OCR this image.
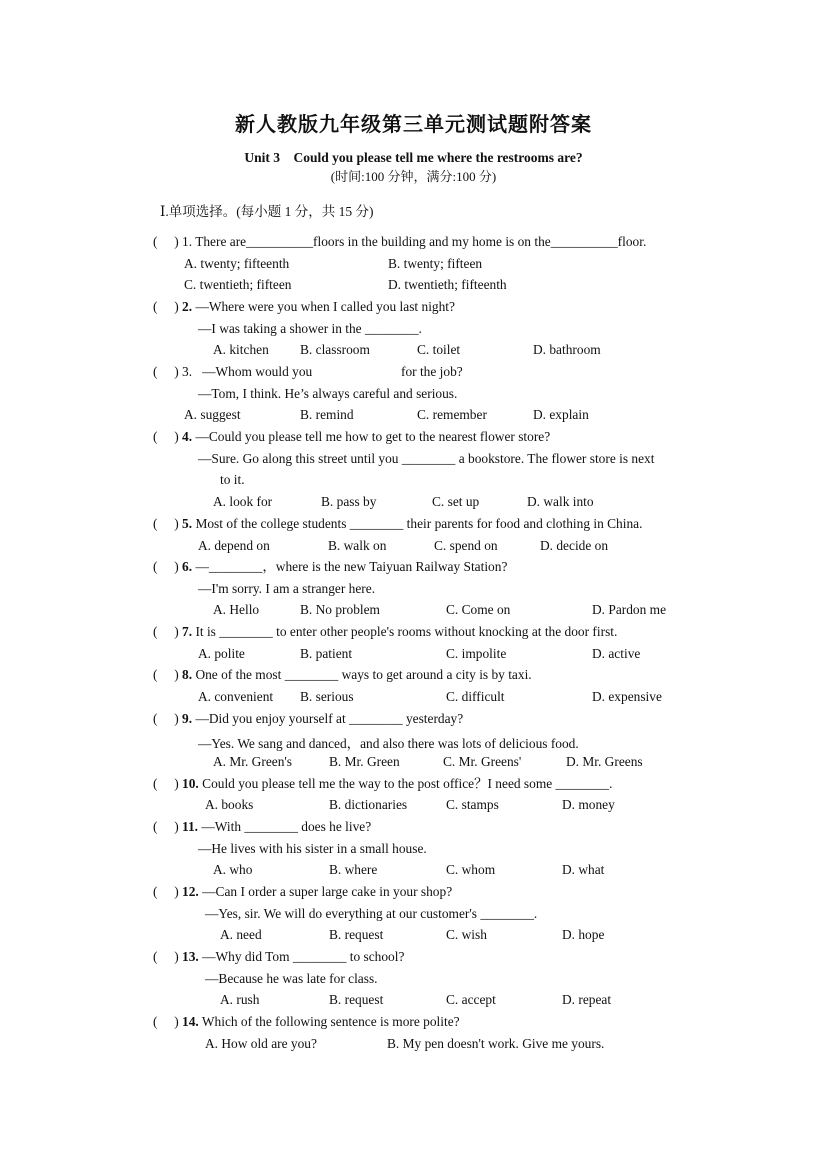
新人教版九年级第三单元测试题附答案
Unit 3　Could you please tell me where the restrooms are?
(时间:100 分钟，满分:100 分)
Ⅰ.单项选择。(每小题 1 分，共 15 分)
(　 ) 1. There are__________floors in the building and my home is on the__________floor.
A. twenty; fifteenth	B. twenty; fifteen
C. twentieth; fifteen	D. twentieth; fifteenth
(　 ) 2. —Where were you when I called you last night?
—I was taking a shower in the ________.
A. kitchen B. classroom	C. toilet	D. bathroom
(　 ) 3. —Whom would you	for the job?
—Tom, I think. He’s always careful and serious.
A. suggest	B. remind	C. remember	D. explain
(　 ) 4. —Could you please tell me how to get to the nearest flower store?
—Sure. Go along this street until you ________ a bookstore. The flower store is next
to it.
A. look for	B. pass by	C. set up	D. walk into
(　 ) 5. Most of the college students ________ their parents for food and clothing in China.
A. depend on	B. walk on	C. spend on	D. decide on
(　 ) 6. —________，where is the new Taiyuan Railway Station?
—I'm sorry. I am a stranger here.
A. Hello	B. No problem	C. Come on	D. Pardon me
(　 ) 7. It is ________ to enter other people's rooms without knocking at the door first.
A. polite	B. patient	C. impolite	D. active
(　 ) 8. One of the most ________ ways to get around a city is by taxi.
A. convenient B. serious	C. difficult	D. expensive
(　 ) 9. —Did you enjoy yourself at ________ yesterday?
—Yes. We sang and danced，and also there was lots of delicious food.
A. Mr. Green's	B. Mr. Green	C. Mr. Greens'	D. Mr. Greens
(　 ) 10. Could you please tell me the way to the post office？I need some ________.
A. books	B. dictionaries	C. stamps	D. money
(　 ) 11. —With ________ does he live?
—He lives with his sister in a small house.
A. who	B. where	C. whom	D. what
(　 ) 12. —Can I order a super large cake in your shop?
—Yes, sir. We will do everything at our customer's ________.
A. need	B. request	C. wish	D. hope
(　 ) 13. —Why did Tom ________ to school?
—Because he was late for class.
A. rush	B. request	C. accept	D. repeat
(　 ) 14. Which of the following sentence is more polite?
A. How old are you?	B. My pen doesn't work. Give me yours.
